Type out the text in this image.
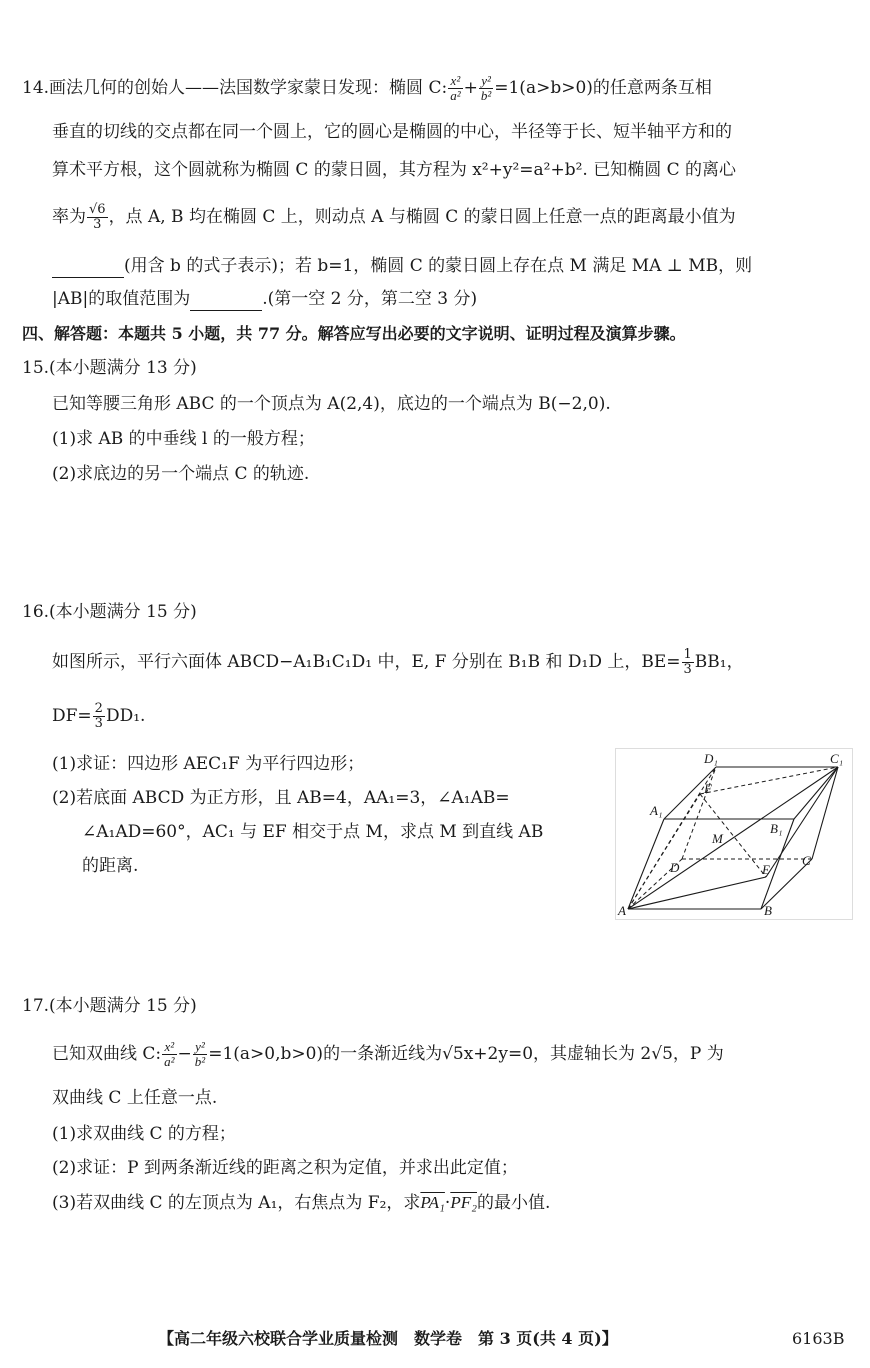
14.画法几何的创始人——法国数学家蒙日发现：椭圆 C: $\frac{\text{x²}}{\text{a²}} + \frac{\text{y²}}{\text{b²}} =1(a>b>0)$的任意两条互相
垂直的切线的交点都在同一个圆上，它的圆心是椭圆的中心，半径等于长、短半轴平方和的
算术平方根，这个圆就称为椭圆 C 的蒙日圆，其方程为 x²+y²=a²+b². 已知椭圆 C 的离心
率为 $\frac{√6}{3}$ ，点 A, B 均在椭圆 C 上，则动点 A 与椭圆 C 的蒙日圆上任意一点的距离最小值为
(用含 b 的式子表示)；若 b=1，椭圆 C 的蒙日圆上存在点 M 满足 MA ⊥ MB，则
|AB|的取值范围为	.(第一空 2 分，第二空 3 分)
四、解答题：本题共 5 小题，共 77 分。解答应写出必要的文字说明、证明过程及演算步骤。
15.(本小题满分 13 分)
已知等腰三角形 ABC 的一个顶点为 A(2,4)，底边的一个端点为 B(−2,0).
(1)求 AB 的中垂线 l 的一般方程；
(2)求底边的另一个端点 C 的轨迹.
16.(本小题满分 15 分)
如图所示，平行六面体 ABCD−A₁B₁C₁D₁ 中，E, F 分别在 B₁B 和 D₁D 上，$BE= \frac{1}{3} BB_1$，
$DF= \frac{2}{3} DD_1$.
(1)求证：四边形 AEC₁F 为平行四边形；
(2)若底面 ABCD 为正方形，且 AB=4，AA₁=3，∠A₁AB=
∠A₁AD=60°，AC₁ 与 EF 相交于点 M，求点 M 到直线 AB
的距离.
D₁	C₁
A₁
B₁
F
M
D	C
E
A	B
17.(本小题满分 15 分)
已知双曲线 C: $\frac{\text{x²}}{\text{a²}} - \frac{\text{y²}}{\text{b²}} =1(a>0,b>0)$的一条渐近线为√5x+2y=0，其虚轴长为 2√5，P 为
双曲线 C 上任意一点.
(1)求双曲线 C 的方程；
(2)求证：P 到两条渐近线的距离之积为定值，并求出此定值；
(3)若双曲线 C 的左顶点为 A₁，右焦点为 F₂，求PA₁·PF₂的最小值.
【高二年级六校联合学业质量检测　数学卷　第 3 页(共 4 页)】	6163B
